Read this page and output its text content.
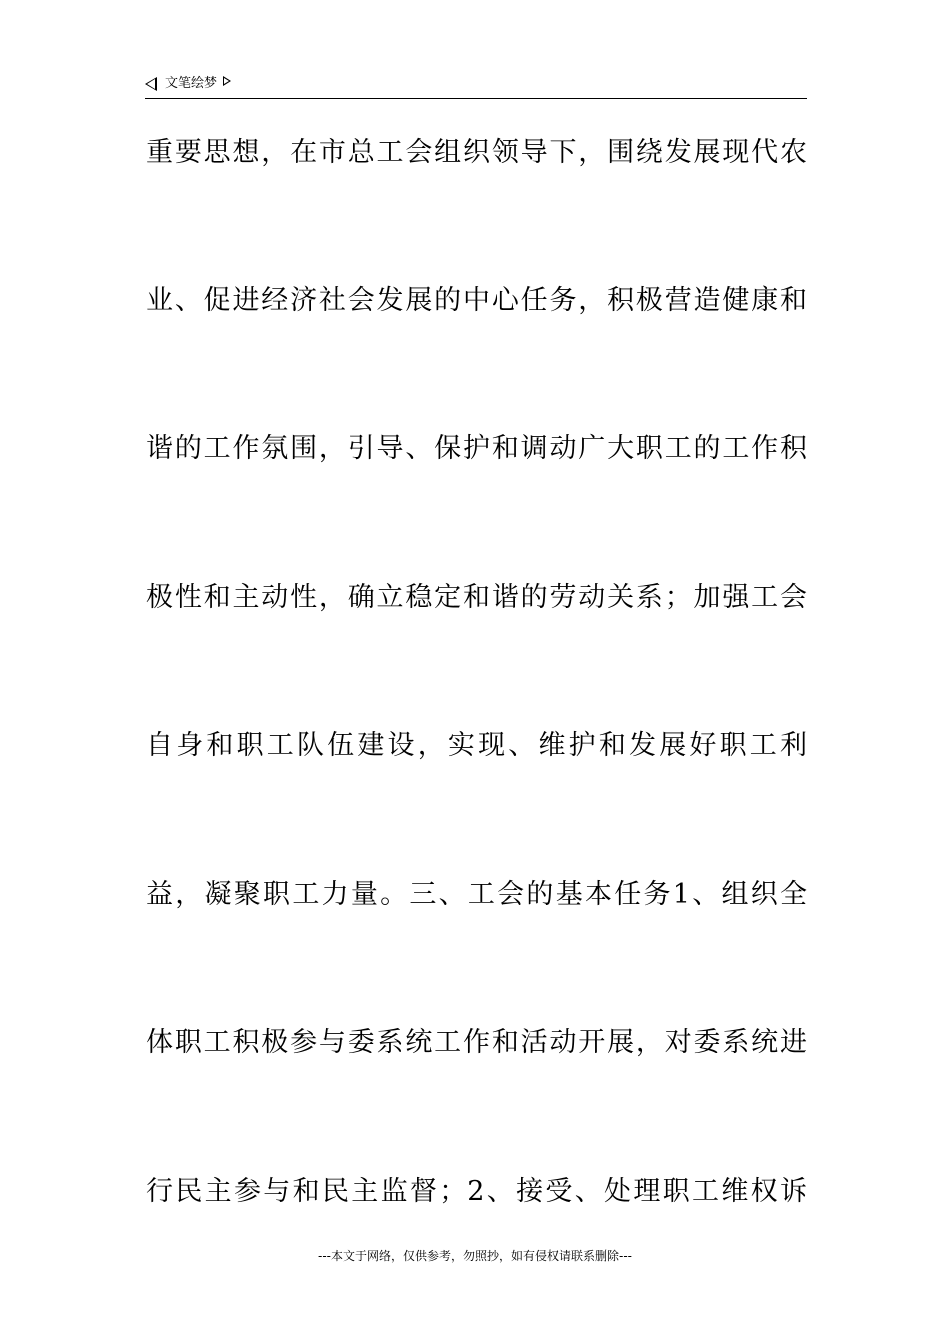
文笔绘梦
重要思想，在市总工会组织领导下，围绕发展现代农
业、促进经济社会发展的中心任务，积极营造健康和
谐的工作氛围，引导、保护和调动广大职工的工作积
极性和主动性，确立稳定和谐的劳动关系；加强工会
自身和职工队伍建设，实现、维护和发展好职工利
益，凝聚职工力量。三、工会的基本任务1、组织全
体职工积极参与委系统工作和活动开展，对委系统进
行民主参与和民主监督；2、接受、处理职工维权诉
---本文于网络，仅供参考，勿照抄，如有侵权请联系删除---
